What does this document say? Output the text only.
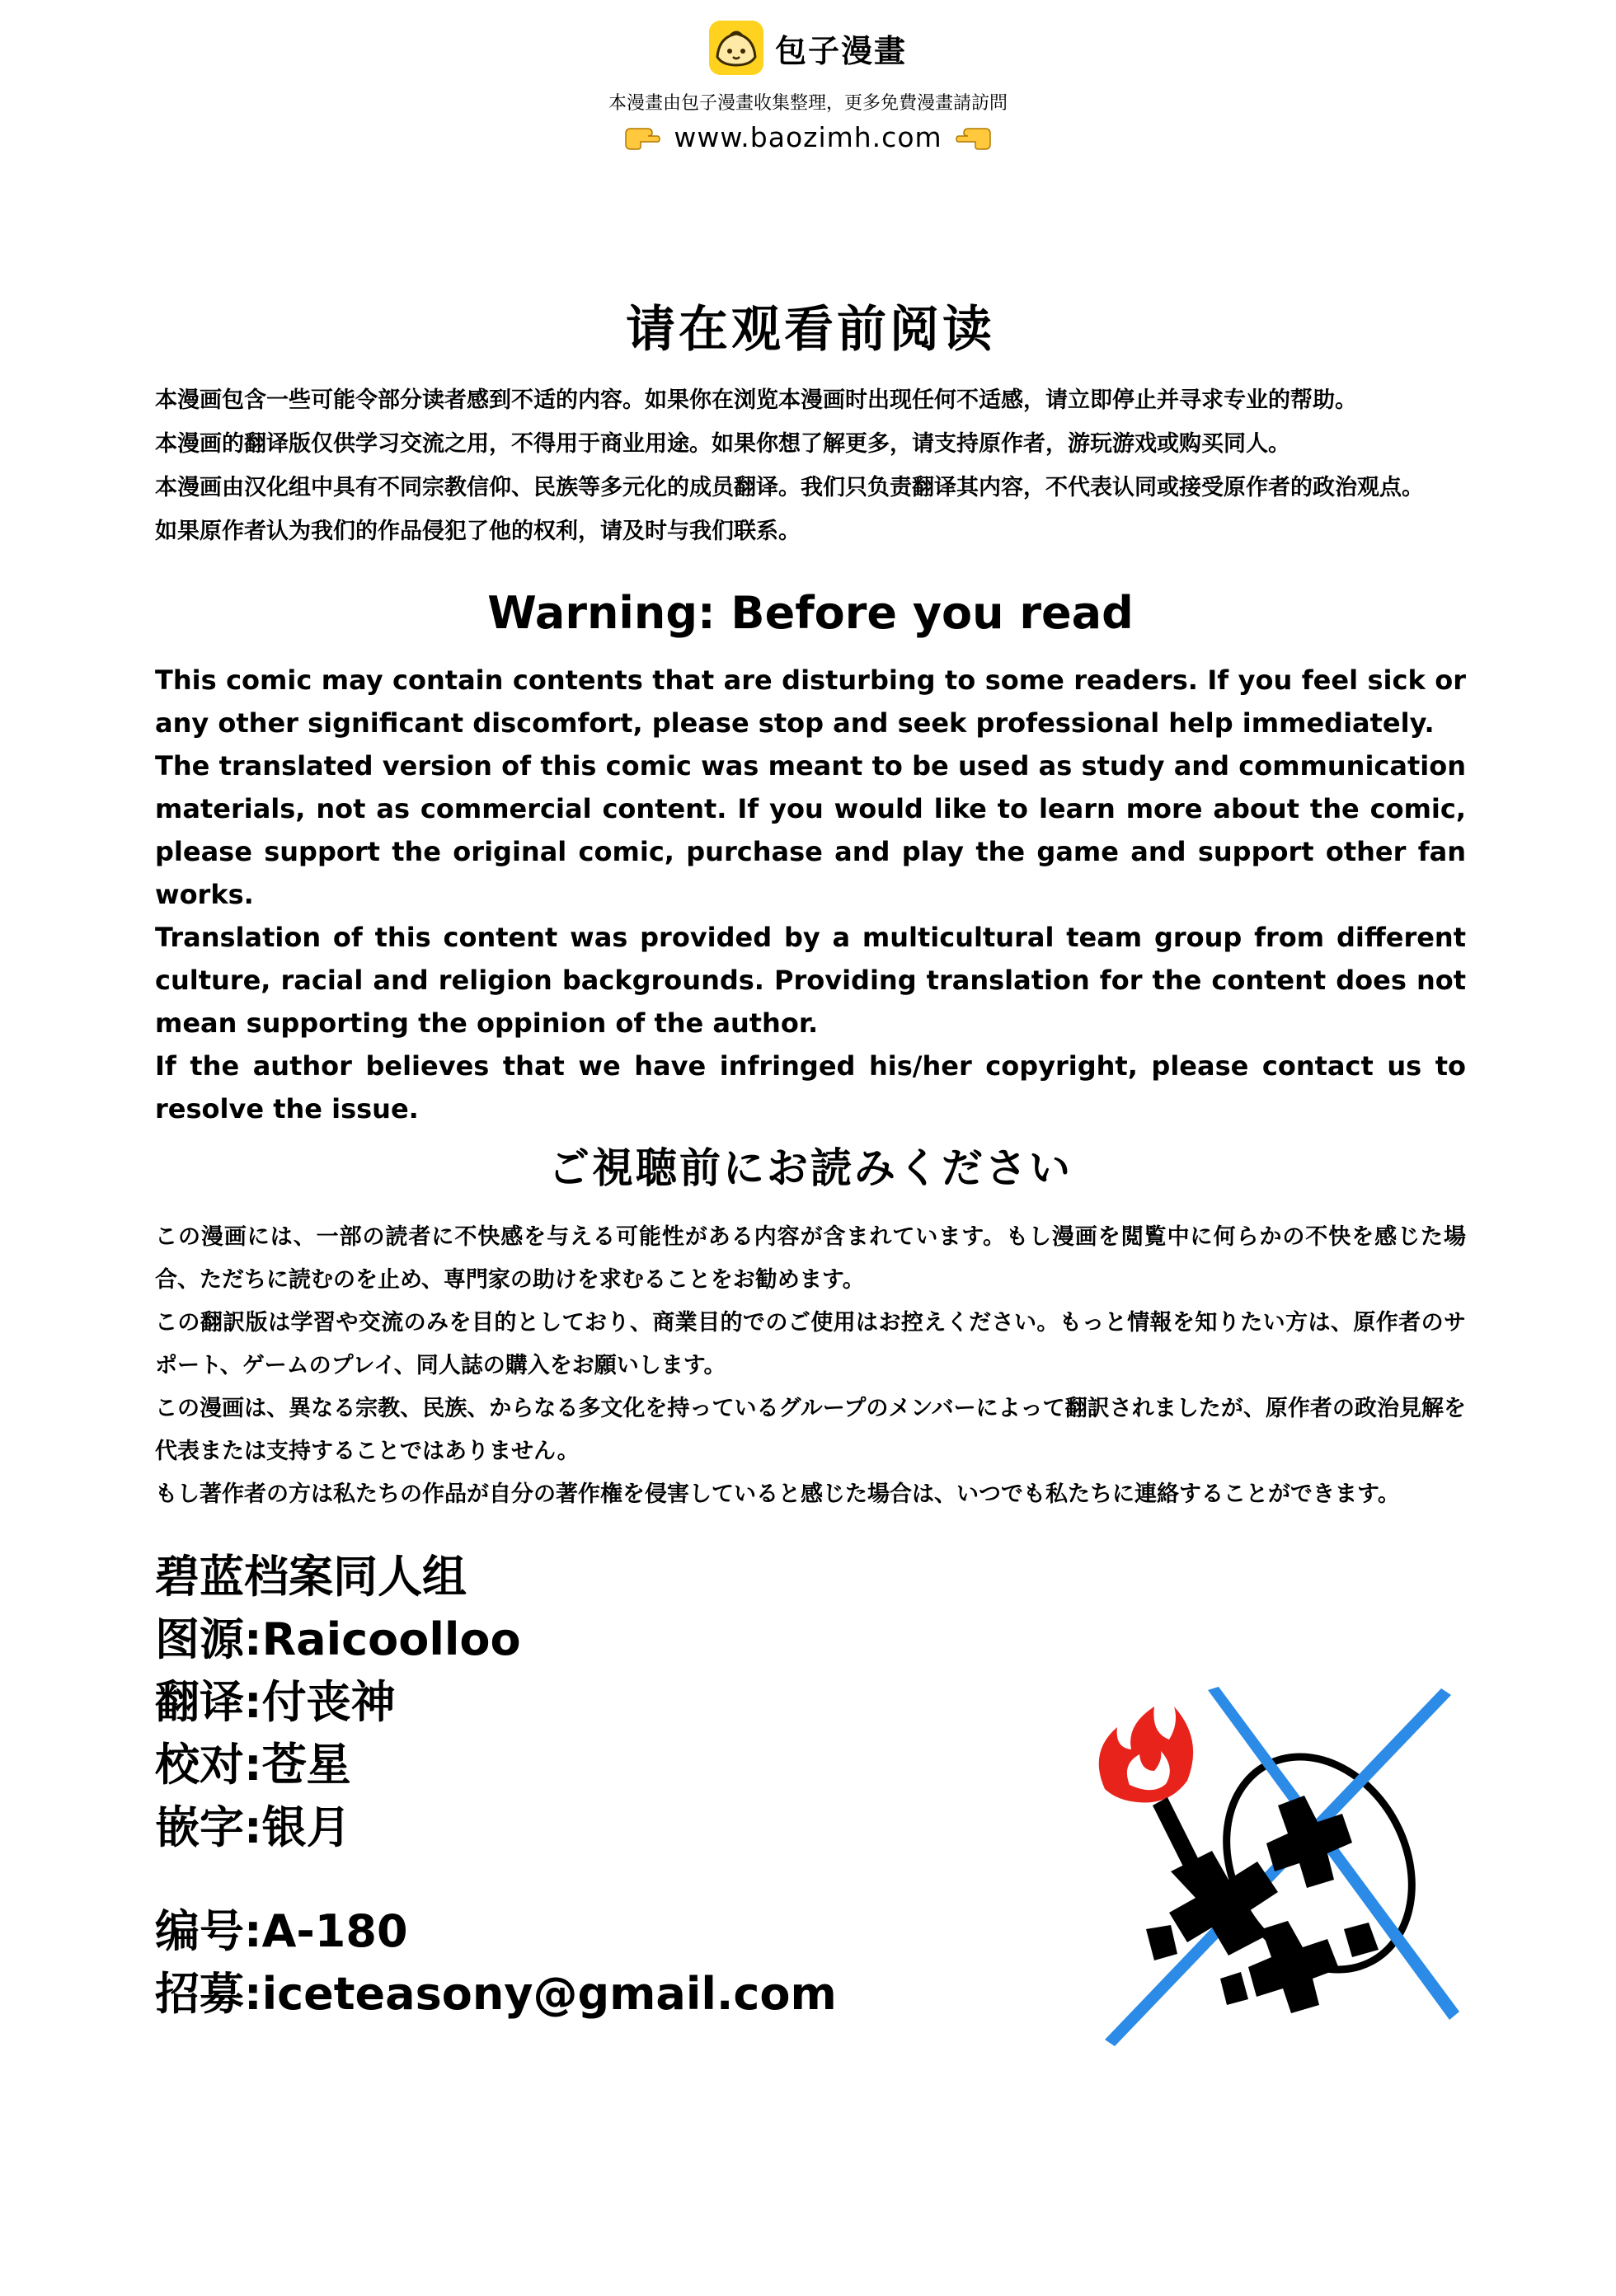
包子漫畫
本漫畫由包子漫畫收集整理，更多免費漫畫請訪問
www.baozimh.com
请在观看前阅读
本漫画包含一些可能令部分读者感到不适的内容。如果你在浏览本漫画时出现任何不适感，请立即停止并寻求专业的帮助。
本漫画的翻译版仅供学习交流之用，不得用于商业用途。如果你想了解更多，请支持原作者，游玩游戏或购买同人。
本漫画由汉化组中具有不同宗教信仰、民族等多元化的成员翻译。我们只负责翻译其内容，不代表认同或接受原作者的政治观点。
如果原作者认为我们的作品侵犯了他的权利，请及时与我们联系。
Warning: Before you read

This comic may contain contents that are disturbing to some readers. If you feel sick or any other significant discomfort, please stop and seek professional help immediately.

The translated version of this comic was meant to be used as study and communication materials, not as commercial content. If you would like to learn more about the comic, please support the original comic, purchase and play the game and support other fan works.

Translation of this content was provided by a multicultural team group from different culture, racial and religion backgrounds. Providing translation for the content does not mean supporting the oppinion of the author.

If the author believes that we have infringed his/her copyright, please contact us to resolve the issue.

ご視聴前にお読みください

この漫画には、一部の読者に不快感を与える可能性がある内容が含まれています。もし漫画を閲覧中に何らかの不快を感じた場合、ただちに読むのを止め、専門家の助けを求むることをお勧めます。

この翻訳版は学習や交流のみを目的としており、商業目的でのご使用はお控えください。もっと情報を知りたい方は、原作者のサポート、ゲームのプレイ、同人誌の購入をお願いします。

この漫画は、異なる宗教、民族、からなる多文化を持っているグループのメンバーによって翻訳されましたが、原作者の政治見解を代表または支持することではありません。

もし著作者の方は私たちの作品が自分の著作権を侵害していると感じた場合は、いつでも私たちに連絡することができます。

碧蓝档案同人组
图源:Raicoolloo
翻译:付丧神
校对:苍星
嵌字:银月
编号:A-180
招募:iceteasony@gmail.com
